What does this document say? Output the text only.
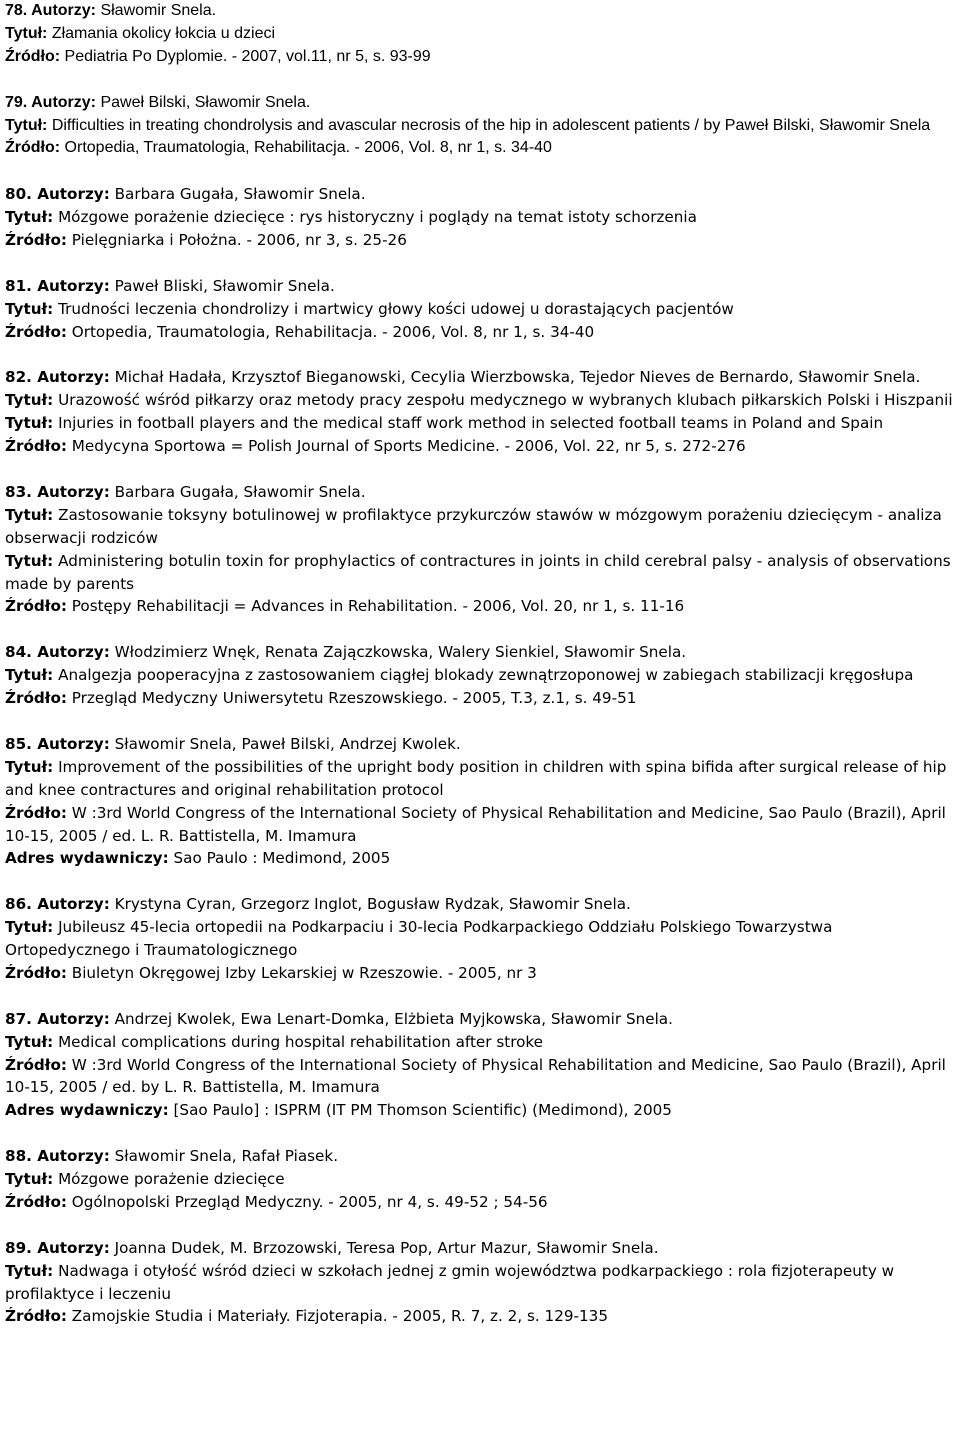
78. Autorzy: Sławomir Snela.
Tytuł: Złamania okolicy łokcia u dzieci
Źródło: Pediatria Po Dyplomie. - 2007, vol.11, nr 5, s. 93-99
79. Autorzy: Paweł Bilski, Sławomir Snela.
Tytuł: Difficulties in treating chondrolysis and avascular necrosis of the hip in adolescent patients / by Paweł Bilski, Sławomir Snela
Źródło: Ortopedia, Traumatologia, Rehabilitacja. - 2006, Vol. 8, nr 1, s. 34-40
80. Autorzy: Barbara Gugała, Sławomir Snela.
Tytuł: Mózgowe porażenie dziecięce : rys historyczny i poglądy na temat istoty schorzenia
Źródło: Pielęgniarka i Położna. - 2006, nr 3, s. 25-26
81. Autorzy: Paweł Bliski, Sławomir Snela.
Tytuł: Trudności leczenia chondrolizy i martwicy głowy kości udowej u dorastających pacjentów
Źródło: Ortopedia, Traumatologia, Rehabilitacja. - 2006, Vol. 8, nr 1, s. 34-40
82. Autorzy: Michał Hadała, Krzysztof Bieganowski, Cecylia Wierzbowska, Tejedor Nieves de Bernardo, Sławomir Snela.
Tytuł: Urazowość wśród piłkarzy oraz metody pracy zespołu medycznego w wybranych klubach piłkarskich Polski i Hiszpanii
Tytuł: Injuries in football players and the medical staff work method in selected football teams in Poland and Spain
Źródło: Medycyna Sportowa = Polish Journal of Sports Medicine. - 2006, Vol. 22, nr 5, s. 272-276
83. Autorzy: Barbara Gugała, Sławomir Snela.
Tytuł: Zastosowanie toksyny botulinowej w profilaktyce przykurczów stawów w mózgowym porażeniu dziecięcym - analiza obserwacji rodziców
Tytuł: Administering botulin toxin for prophylactics of contractures in joints in child cerebral palsy - analysis of observations made by parents
Źródło: Postępy Rehabilitacji = Advances in Rehabilitation. - 2006, Vol. 20, nr 1, s. 11-16
84. Autorzy: Włodzimierz Wnęk, Renata Zajączkowska, Walery Sienkiel, Sławomir Snela.
Tytuł: Analgezja pooperacyjna z zastosowaniem ciągłej blokady zewnątrzoponowej w zabiegach stabilizacji kręgosłupa
Źródło: Przegląd Medyczny Uniwersytetu Rzeszowskiego. - 2005, T.3, z.1, s. 49-51
85. Autorzy: Sławomir Snela, Paweł Bilski, Andrzej Kwolek.
Tytuł: Improvement of the possibilities of the upright body position in children with spina bifida after surgical release of hip and knee contractures and original rehabilitation protocol
Źródło: W :3rd World Congress of the International Society of Physical Rehabilitation and Medicine, Sao Paulo (Brazil), April 10-15, 2005 / ed. L. R. Battistella, M. Imamura
Adres wydawniczy: Sao Paulo : Medimond, 2005
86. Autorzy: Krystyna Cyran, Grzegorz Inglot, Bogusław Rydzak, Sławomir Snela.
Tytuł: Jubileusz 45-lecia ortopedii na Podkarpaciu i 30-lecia Podkarpackiego Oddziału Polskiego Towarzystwa Ortopedycznego i Traumatologicznego
Źródło: Biuletyn Okręgowej Izby Lekarskiej w Rzeszowie. - 2005, nr 3
87. Autorzy: Andrzej Kwolek, Ewa Lenart-Domka, Elżbieta Myjkowska, Sławomir Snela.
Tytuł: Medical complications during hospital rehabilitation after stroke
Źródło: W :3rd World Congress of the International Society of Physical Rehabilitation and Medicine, Sao Paulo (Brazil), April 10-15, 2005 / ed. by L. R. Battistella, M. Imamura
Adres wydawniczy: [Sao Paulo] : ISPRM (IT PM Thomson Scientific) (Medimond), 2005
88. Autorzy: Sławomir Snela, Rafał Piasek.
Tytuł: Mózgowe porażenie dziecięce
Źródło: Ogólnopolski Przegląd Medyczny. - 2005, nr 4, s. 49-52 ; 54-56
89. Autorzy: Joanna Dudek, M. Brzozowski, Teresa Pop, Artur Mazur, Sławomir Snela.
Tytuł: Nadwaga i otyłość wśród dzieci w szkołach jednej z gmin województwa podkarpackiego : rola fizjoterapeuty w profilaktyce i leczeniu
Źródło: Zamojskie Studia i Materiały. Fizjoterapia. - 2005, R. 7, z. 2, s. 129-135
